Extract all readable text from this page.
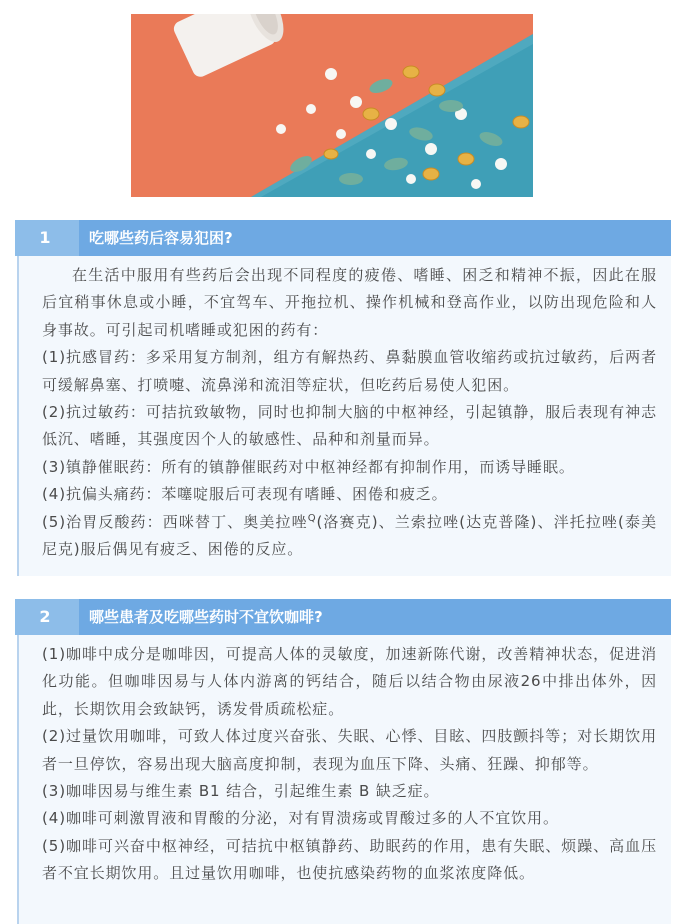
1	吃哪些药后容易犯困?

在生活中服用有些药后会出现不同程度的疲倦、嗜睡、困乏和精神不振，因此在服后宜稍事休息或小睡，不宜驾车、开拖拉机、操作机械和登高作业，以防出现危险和人身事故。可引起司机嗜睡或犯困的药有：

(1)抗感冒药：多采用复方制剂，组方有解热药、鼻黏膜血管收缩药或抗过敏药，后两者可缓解鼻塞、打喷嚏、流鼻涕和流泪等症状，但吃药后易使人犯困。

(2)抗过敏药：可拮抗致敏物，同时也抑制大脑的中枢神经，引起镇静，服后表现有神志低沉、嗜睡，其强度因个人的敏感性、品种和剂量而异。

(3)镇静催眠药：所有的镇静催眠药对中枢神经都有抑制作用，而诱导睡眠。

(4)抗偏头痛药：苯噻啶服后可表现有嗜睡、困倦和疲乏。

(5)治胃反酸药：西咪替丁、奥美拉唑$^Q$(洛赛克)、兰索拉唑(达克普隆)、泮托拉唑(泰美尼克)服后偶见有疲乏、困倦的反应。

2	哪些患者及吃哪些药时不宜饮咖啡?

(1)咖啡中成分是咖啡因，可提高人体的灵敏度，加速新陈代谢，改善精神状态，促进消化功能。但咖啡因易与人体内游离的钙结合，随后以结合物由尿液26中排出体外，因此，长期饮用会致缺钙，诱发骨质疏松症。

(2)过量饮用咖啡，可致人体过度兴奋张、失眠、心悸、目眩、四肢颤抖等；对长期饮用者一旦停饮，容易出现大脑高度抑制，表现为血压下降、头痛、狂躁、抑郁等。

(3)咖啡因易与维生素 B1 结合，引起维生素 B 缺乏症。

(4)咖啡可刺激胃液和胃酸的分泌，对有胃溃疡或胃酸过多的人不宜饮用。

(5)咖啡可兴奋中枢神经，可拮抗中枢镇静药、助眠药的作用，患有失眠、烦躁、高血压者不宜长期饮用。且过量饮用咖啡，也使抗感染药物的血浆浓度降低。
